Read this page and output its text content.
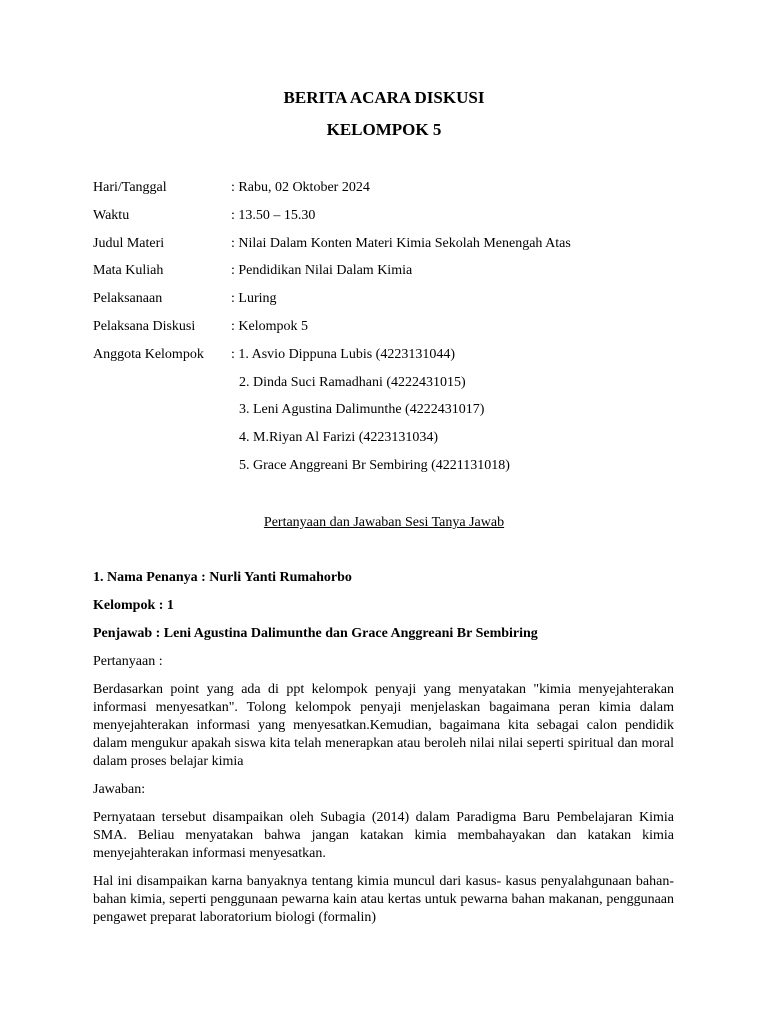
BERITA ACARA DISKUSI
KELOMPOK 5
Hari/Tanggal	: Rabu, 02 Oktober 2024
Waktu	: 13.50 – 15.30
Judul Materi	: Nilai Dalam Konten Materi Kimia Sekolah Menengah Atas
Mata Kuliah	: Pendidikan Nilai Dalam Kimia
Pelaksanaan	: Luring
Pelaksana Diskusi	: Kelompok 5
Anggota Kelompok	: 1. Asvio Dippuna Lubis (4223131044)
2. Dinda Suci Ramadhani (4222431015)
3. Leni Agustina Dalimunthe (4222431017)
4. M.Riyan Al Farizi (4223131034)
5. Grace Anggreani Br Sembiring (4221131018)
Pertanyaan dan Jawaban Sesi Tanya Jawab
1. Nama Penanya : Nurli Yanti Rumahorbo
Kelompok : 1
Penjawab : Leni Agustina Dalimunthe dan Grace Anggreani Br Sembiring
Pertanyaan :

Berdasarkan point yang ada di ppt kelompok penyaji yang menyatakan "kimia menyejahterakan informasi menyesatkan". Tolong kelompok penyaji menjelaskan bagaimana peran kimia dalam menyejahterakan informasi yang menyesatkan.Kemudian, bagaimana kita sebagai calon pendidik dalam mengukur apakah siswa kita telah menerapkan atau beroleh nilai nilai seperti spiritual dan moral dalam proses belajar kimia

Jawaban:

Pernyataan tersebut disampaikan oleh Subagia (2014) dalam Paradigma Baru Pembelajaran Kimia SMA. Beliau menyatakan bahwa jangan katakan kimia membahayakan dan katakan kimia menyejahterakan informasi menyesatkan.

Hal ini disampaikan karna banyaknya tentang kimia muncul dari kasus- kasus penyalahgunaan bahan-bahan kimia, seperti penggunaan pewarna kain atau kertas untuk pewarna bahan makanan, penggunaan pengawet preparat laboratorium biologi (formalin)
